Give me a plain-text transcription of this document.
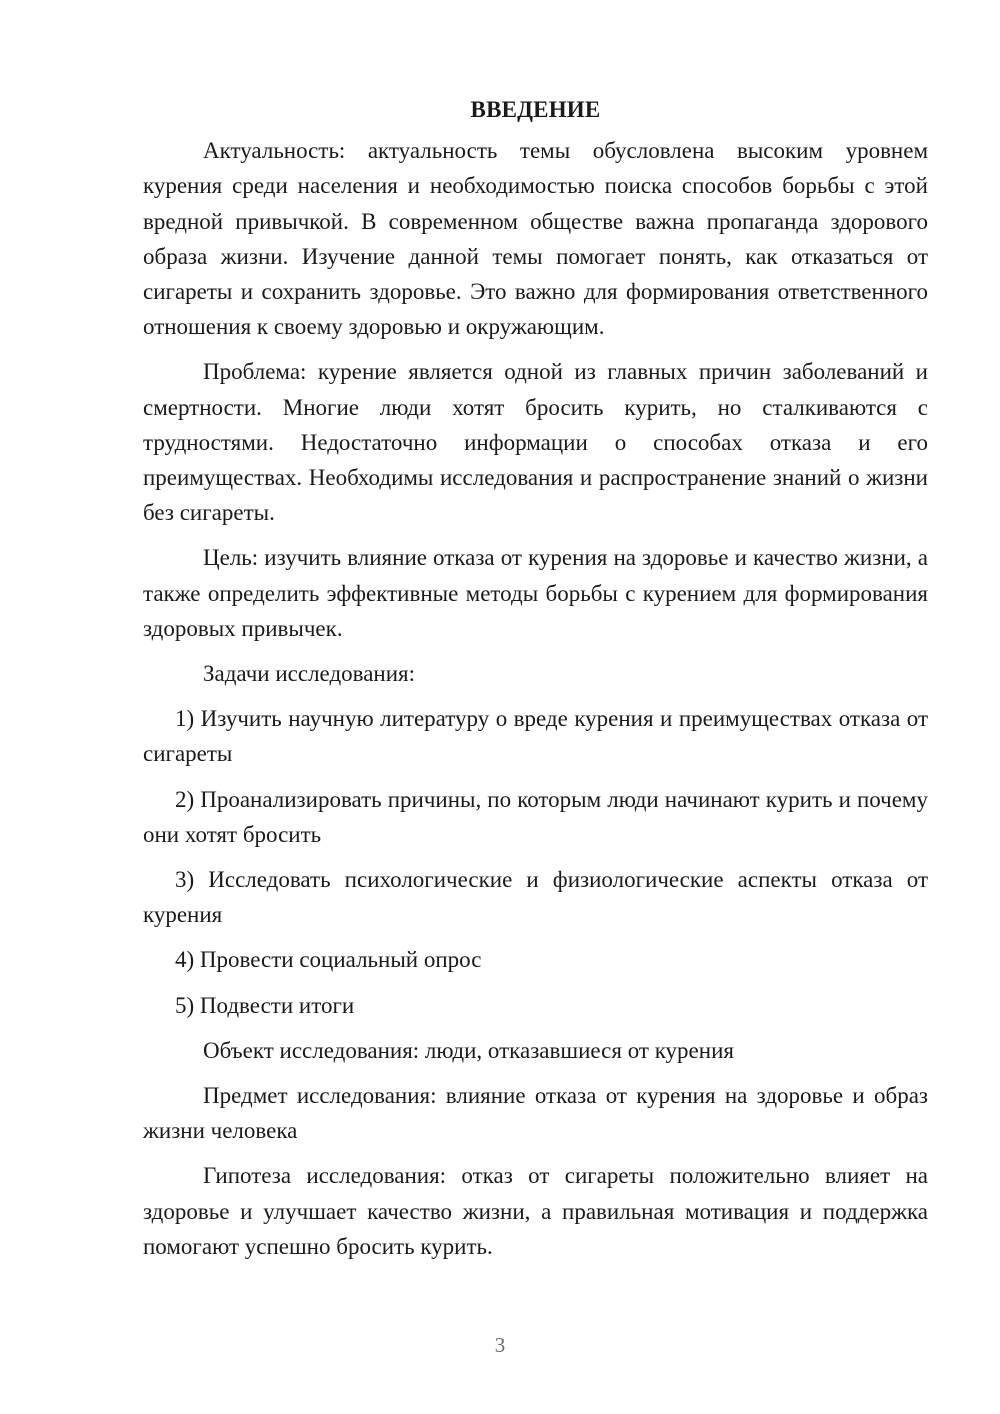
ВВЕДЕНИЕ

Актуальность: актуальность темы обусловлена высоким уровнем курения среди населения и необходимостью поиска способов борьбы с этой вредной привычкой. В современном обществе важна пропаганда здорового образа жизни. Изучение данной темы помогает понять, как отказаться от сигареты и сохранить здоровье. Это важно для формирования ответственного отношения к своему здоровью и окружающим.

Проблема: курение является одной из главных причин заболеваний и смертности. Многие люди хотят бросить курить, но сталкиваются с трудностями. Недостаточно информации о способах отказа и его преимуществах. Необходимы исследования и распространение знаний о жизни без сигареты.

Цель: изучить влияние отказа от курения на здоровье и качество жизни, а также определить эффективные методы борьбы с курением для формирования здоровых привычек.

Задачи исследования:

1) Изучить научную литературу о вреде курения и преимуществах отказа от сигареты

2) Проанализировать причины, по которым люди начинают курить и почему они хотят бросить

3) Исследовать психологические и физиологические аспекты отказа от курения

4) Провести социальный опрос

5) Подвести итоги

Объект исследования: люди, отказавшиеся от курения

Предмет исследования: влияние отказа от курения на здоровье и образ жизни человека

Гипотеза исследования: отказ от сигареты положительно влияет на здоровье и улучшает качество жизни, а правильная мотивация и поддержка помогают успешно бросить курить.

3
